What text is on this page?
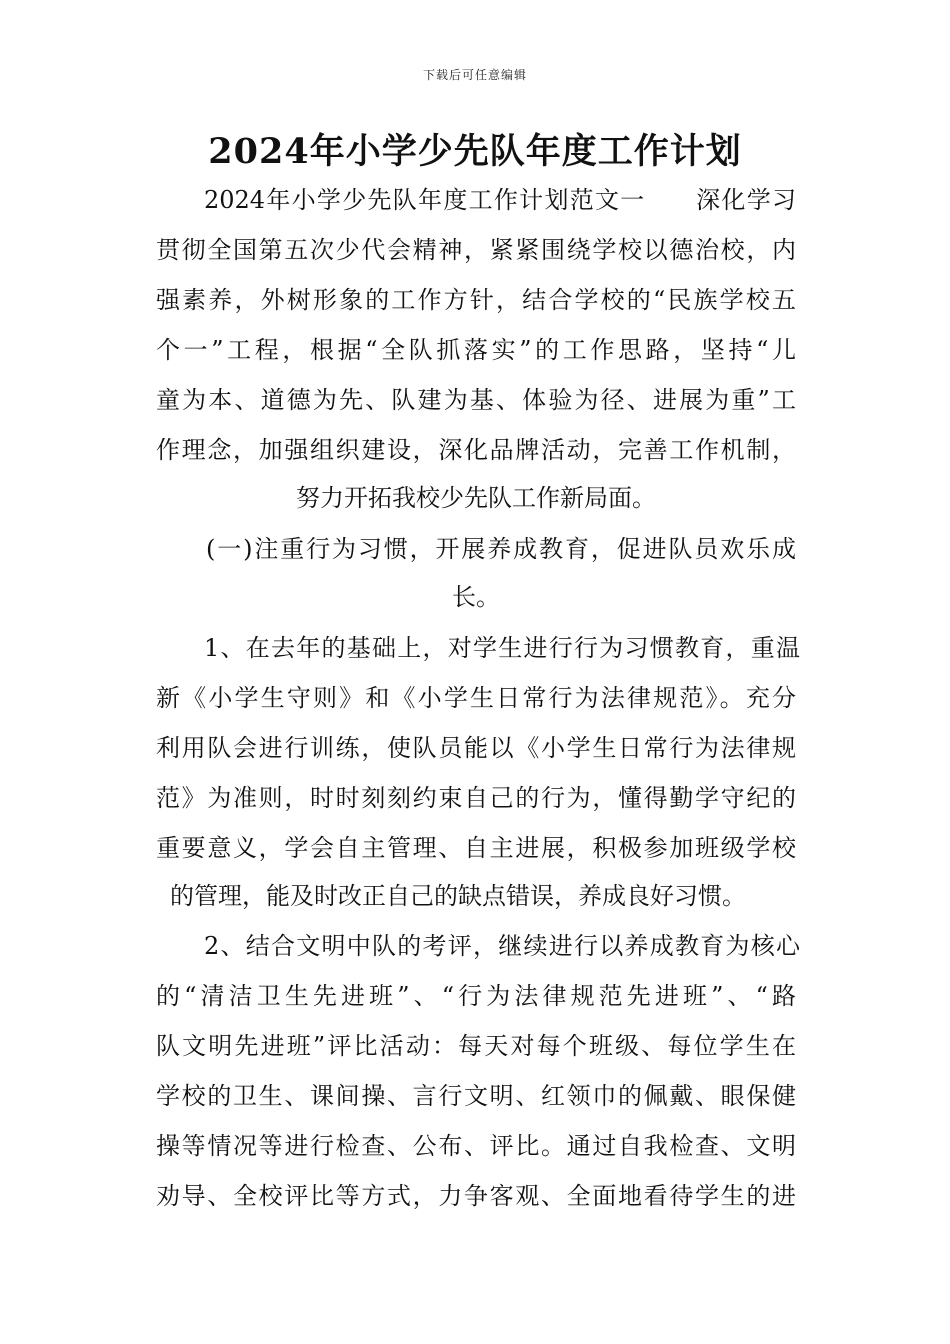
下载后可任意编辑
2024年小学少先队年度工作计划
2024年小学少先队年度工作计划范文一　　深化学习
贯彻全国第五次少代会精神，紧紧围绕学校以德治校，内
强素养，外树形象的工作方针，结合学校的“民族学校五
个一”工程，根据“全队抓落实”的工作思路，坚持“儿
童为本、道德为先、队建为基、体验为径、进展为重”工
作理念，加强组织建设，深化品牌活动，完善工作机制，
努力开拓我校少先队工作新局面。
(一)注重行为习惯，开展养成教育，促进队员欢乐成
长。
1、在去年的基础上，对学生进行行为习惯教育，重温
新《小学生守则》和《小学生日常行为法律规范》。充分
利用队会进行训练，使队员能以《小学生日常行为法律规
范》为准则，时时刻刻约束自己的行为，懂得勤学守纪的
重要意义，学会自主管理、自主进展，积极参加班级学校
的管理，能及时改正自己的缺点错误，养成良好习惯。
2、结合文明中队的考评，继续进行以养成教育为核心
的“清洁卫生先进班”、“行为法律规范先进班”、“路
队文明先进班”评比活动：每天对每个班级、每位学生在
学校的卫生、课间操、言行文明、红领巾的佩戴、眼保健
操等情况等进行检查、公布、评比。通过自我检查、文明
劝导、全校评比等方式，力争客观、全面地看待学生的进
